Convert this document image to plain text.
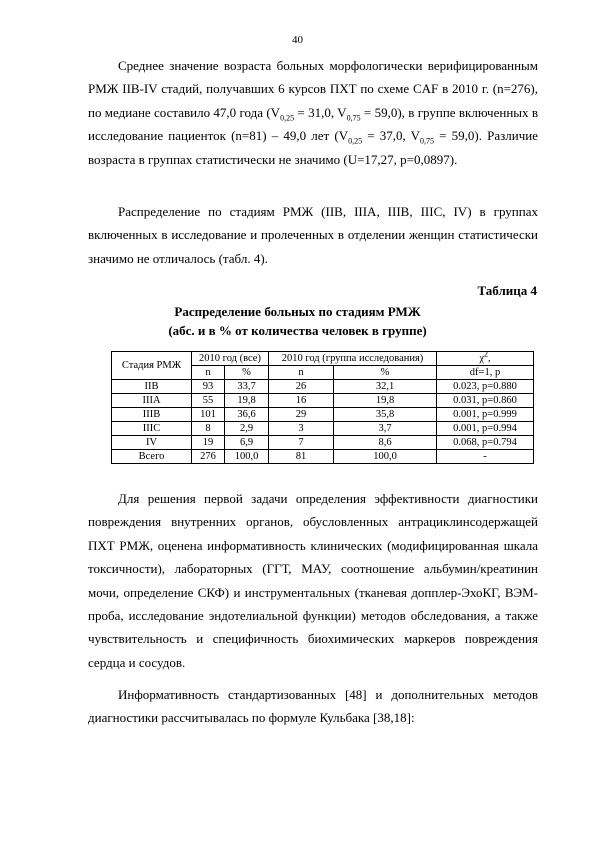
40

Среднее значение возраста больных морфологически верифицированным РМЖ IIB-IV стадий, получавших 6 курсов ПХТ по схеме CAF в 2010 г. (n=276), по медиане составило 47,0 года ($V_{0,25} = 31,0$, $V_{0,75} = 59,0$), в группе включенных в исследование пациенток (n=81) – 49,0 лет ($V_{0,25} = 37,0$, $V_{0,75} = 59,0$). Различие возраста в группах статистически не значимо (U=17,27, p=0,0897).

Распределение по стадиям РМЖ (IIB, IIIA, IIIB, IIIC, IV) в группах включенных в исследование и пролеченных в отделении женщин статистически значимо не отличалось (табл. 4).

Таблица 4
Распределение больных по стадиям РМЖ
(абс. и в % от количества человек в группе)
Стадия РМЖ	2010 год (все)		2010 год (группа исследования)		$\chi^2$,
	n	%	n	%	df=1, p
IIB	93	33,7	26	32,1	0.023, p=0.880
IIIA	55	19,8	16	19,8	0.031, p=0.860
IIIB	101	36,6	29	35,8	0.001, p=0.999
IIIC	8	2,9	3	3,7	0.001, p=0.994
IV	19	6,9	7	8,6	0.068, p=0.794
Всего	276	100,0	81	100,0	-

Для решения первой задачи определения эффективности диагностики повреждения внутренних органов, обусловленных антрациклинсодержащей ПХТ РМЖ, оценена информативность клинических (модифицированная шкала токсичности), лабораторных (ГГТ, МАУ, соотношение альбумин/креатинин мочи, определение СКФ) и инструментальных (тканевая допплер-ЭхоКГ, ВЭМ-проба, исследование эндотелиальной функции) методов обследования, а также чувствительность и специфичность биохимических маркеров повреждения сердца и сосудов.

Информативность стандартизованных [48] и дополнительных методов диагностики рассчитывалась по формуле Кульбака [38,18]:
